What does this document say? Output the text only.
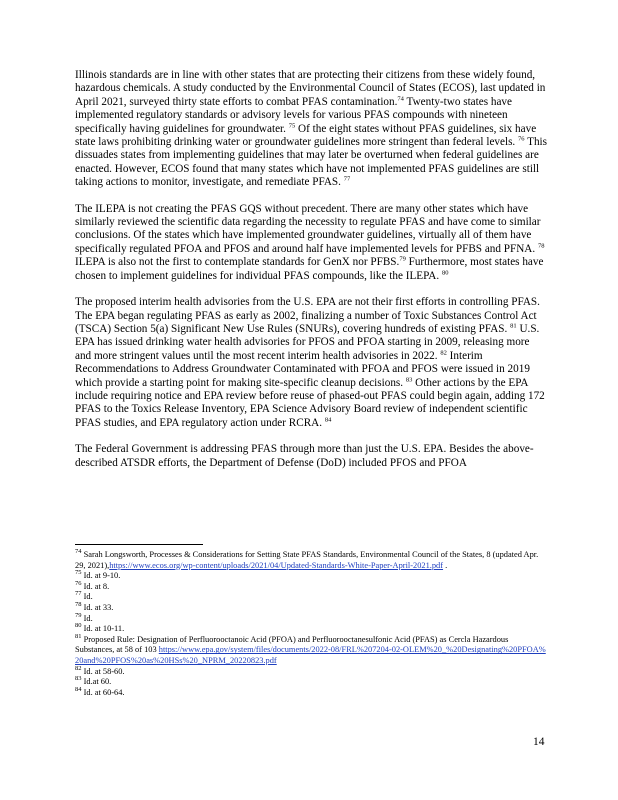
Illinois standards are in line with other states that are protecting their citizens from these widely found, hazardous chemicals. A study conducted by the Environmental Council of States (ECOS), last updated in April 2021, surveyed thirty state efforts to combat PFAS contamination.$^{74}$ Twenty-two states have implemented regulatory standards or advisory levels for various PFAS compounds with nineteen specifically having guidelines for groundwater. $^{75}$ Of the eight states without PFAS guidelines, six have state laws prohibiting drinking water or groundwater guidelines more stringent than federal levels. $^{76}$ This dissuades states from implementing guidelines that may later be overturned when federal guidelines are enacted. However, ECOS found that many states which have not implemented PFAS guidelines are still taking actions to monitor, investigate, and remediate PFAS. $^{77}$

The ILEPA is not creating the PFAS GQS without precedent. There are many other states which have similarly reviewed the scientific data regarding the necessity to regulate PFAS and have come to similar conclusions. Of the states which have implemented groundwater guidelines, virtually all of them have specifically regulated PFOA and PFOS and around half have implemented levels for PFBS and PFNA. $^{78}$ ILEPA is also not the first to contemplate standards for GenX nor PFBS.$^{79}$ Furthermore, most states have chosen to implement guidelines for individual PFAS compounds, like the ILEPA. $^{80}$

The proposed interim health advisories from the U.S. EPA are not their first efforts in controlling PFAS. The EPA began regulating PFAS as early as 2002, finalizing a number of Toxic Substances Control Act (TSCA) Section 5(a) Significant New Use Rules (SNURs), covering hundreds of existing PFAS. $^{81}$ U.S. EPA has issued drinking water health advisories for PFOS and PFOA starting in 2009, releasing more and more stringent values until the most recent interim health advisories in 2022. $^{82}$ Interim Recommendations to Address Groundwater Contaminated with PFOA and PFOS were issued in 2019 which provide a starting point for making site-specific cleanup decisions. $^{83}$ Other actions by the EPA include requiring notice and EPA review before reuse of phased-out PFAS could begin again, adding 172 PFAS to the Toxics Release Inventory, EPA Science Advisory Board review of independent scientific PFAS studies, and EPA regulatory action under RCRA. $^{84}$

The Federal Government is addressing PFAS through more than just the U.S. EPA. Besides the above-described ATSDR efforts, the Department of Defense (DoD) included PFOS and PFOA

$^{74}$ Sarah Longsworth, Processes & Considerations for Setting State PFAS Standards, Environmental Council of the States, 8 (updated Apr. 29, 2021),https://www.ecos.org/wp-content/uploads/2021/04/Updated-Standards-White-Paper-April-2021.pdf .
$^{75}$ Id. at 9-10.
$^{76}$ Id. at 8.
$^{77}$ Id.
$^{78}$ Id. at 33.
$^{79}$ Id.
$^{80}$ Id. at 10-11.
$^{81}$ Proposed Rule: Designation of Perfluorooctanoic Acid (PFOA) and Perfluorooctanesulfonic Acid (PFAS) as Cercla Hazardous Substances, at 58 of 103 https://www.epa.gov/system/files/documents/2022-08/FRL%207204-02-OLEM%20_%20Designating%20PFOA%20and%20PFOS%20as%20HSs%20_NPRM_20220823.pdf
$^{82}$ Id. at 58-60.
$^{83}$ Id.at 60.
$^{84}$ Id. at 60-64.
14
